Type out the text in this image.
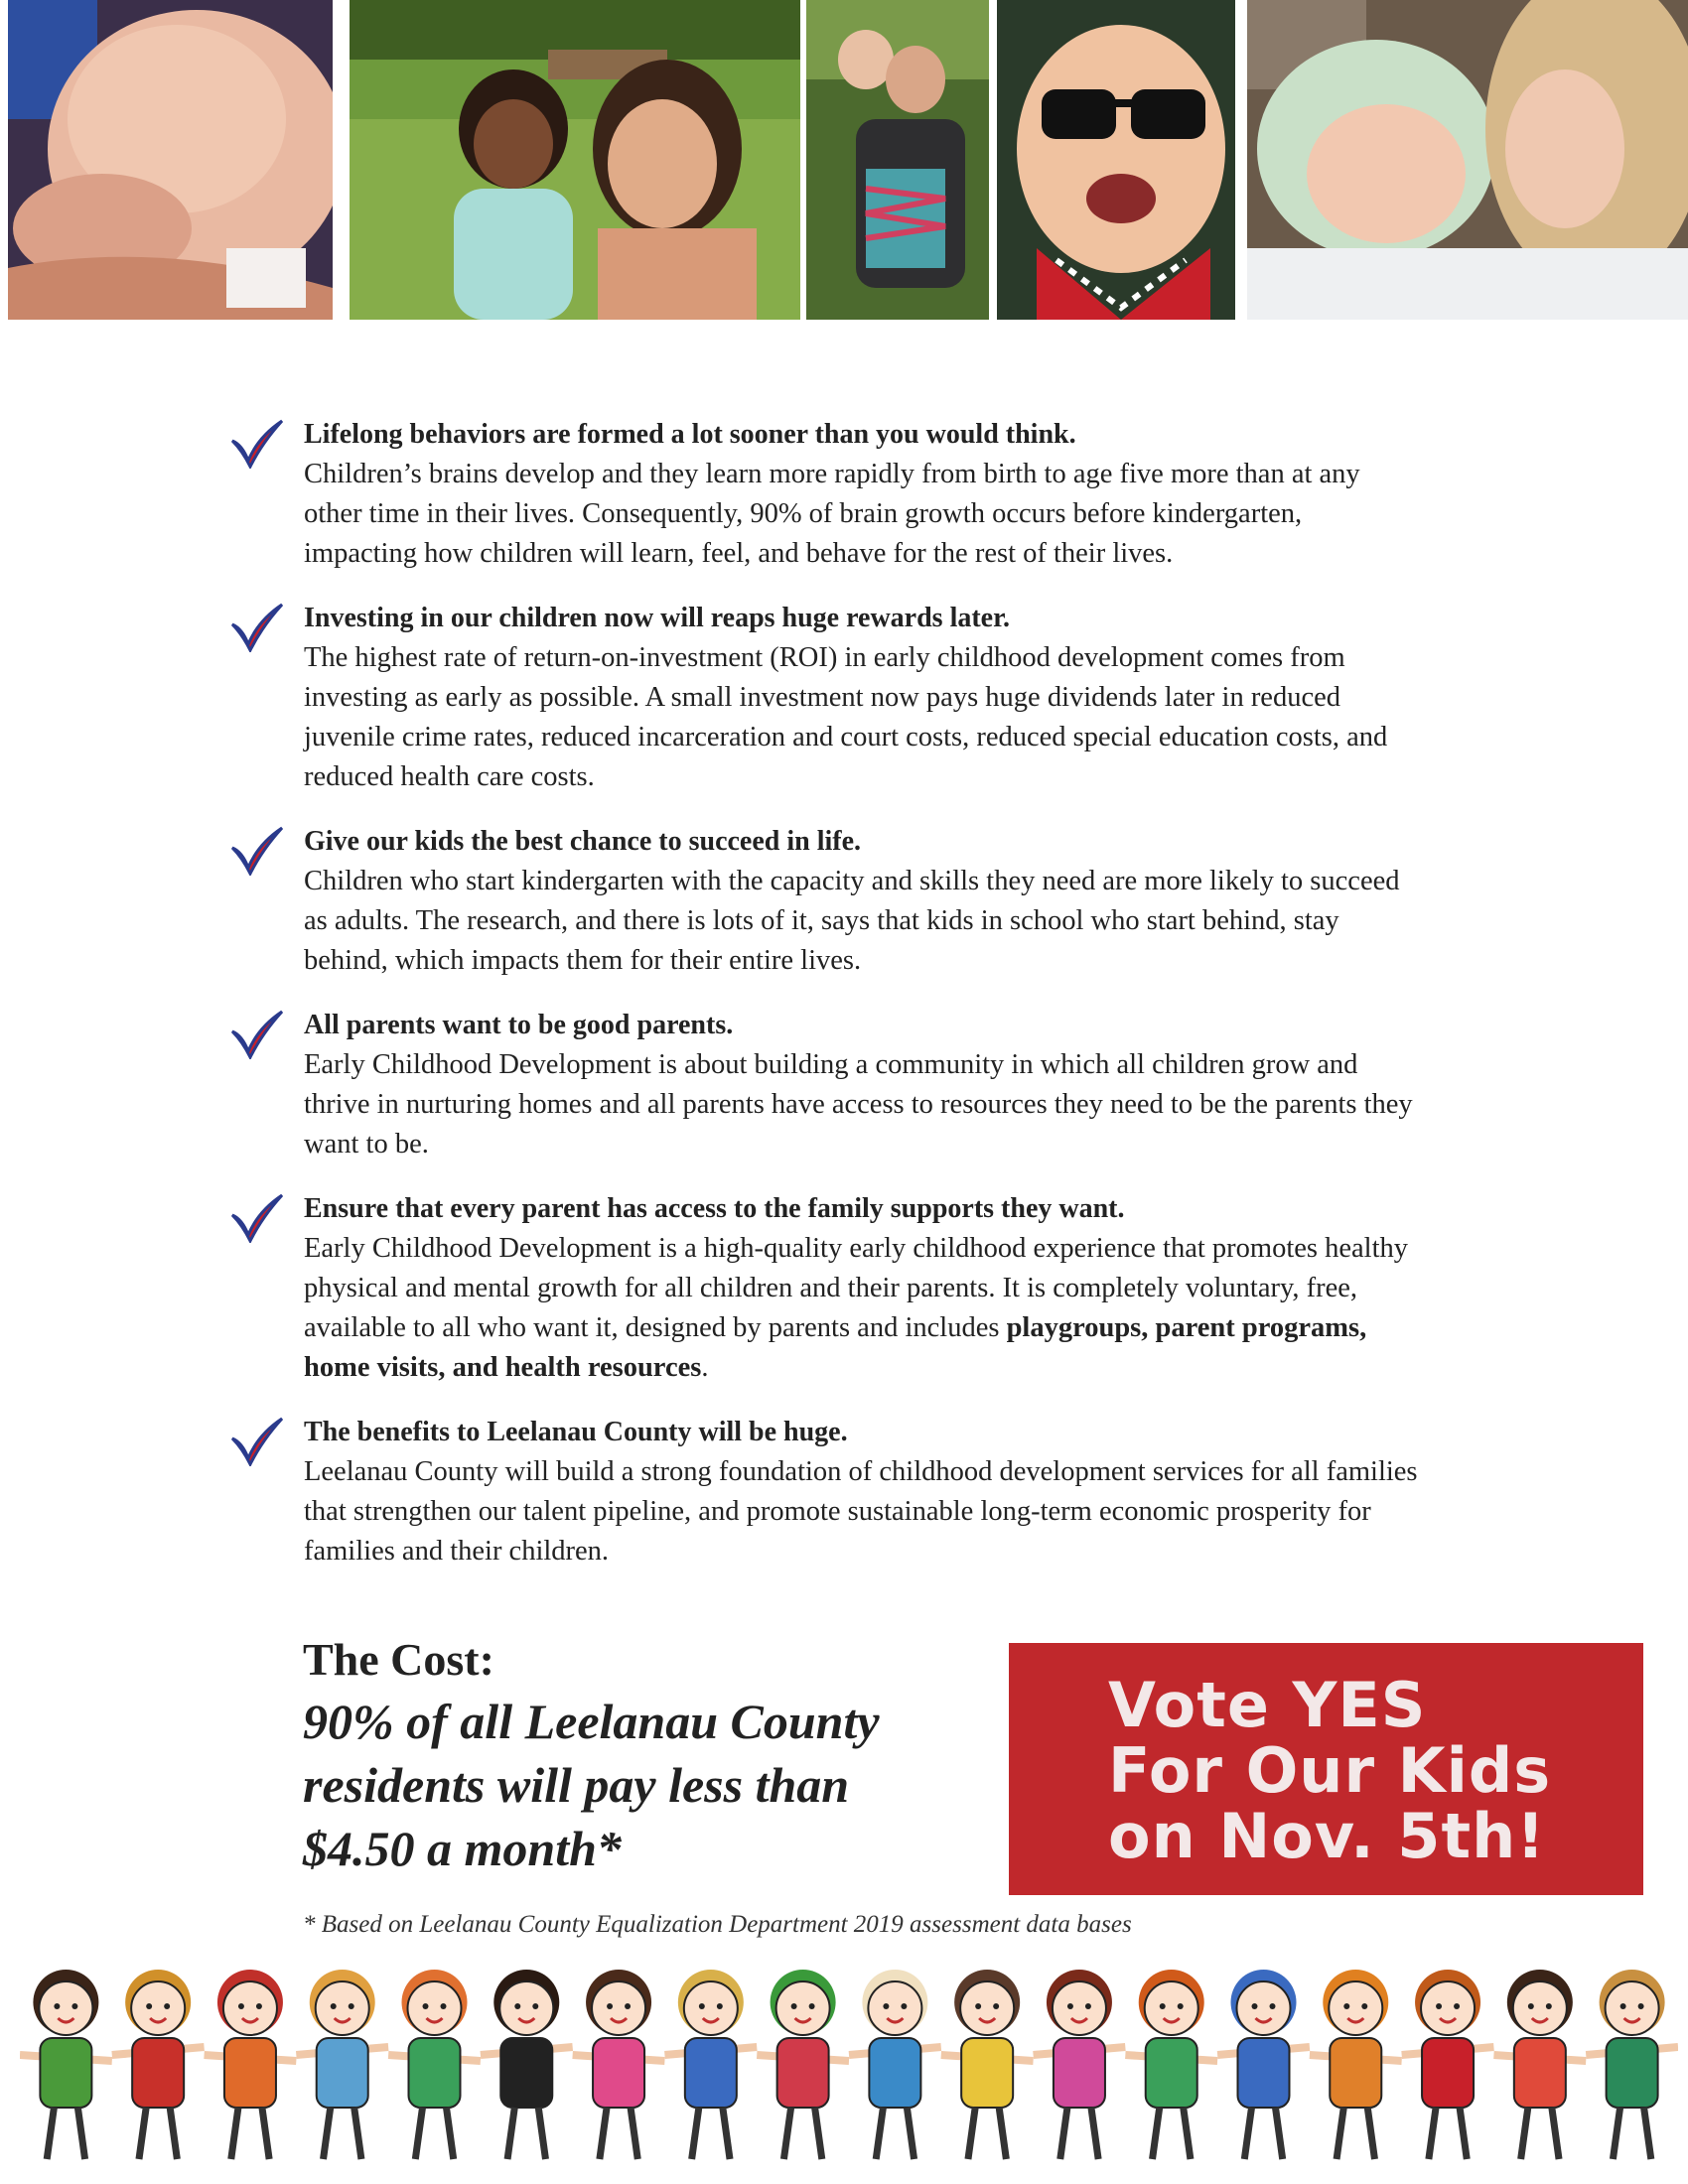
Lifelong behaviors are formed a lot sooner than you would think.
Children’s brains develop and they learn more rapidly from birth to age five more than at any other time in their lives. Consequently, 90% of brain growth occurs before kindergarten, impacting how children will learn, feel, and behave for the rest of their lives.
Investing in our children now will reaps huge rewards later.
The highest rate of return-on-investment (ROI) in early childhood development comes from investing as early as possible. A small investment now pays huge dividends later in reduced juvenile crime rates, reduced incarceration and court costs, reduced special education costs, and reduced health care costs.
Give our kids the best chance to succeed in life.
Children who start kindergarten with the capacity and skills they need are more likely to succeed as adults. The research, and there is lots of it, says that kids in school who start behind, stay behind, which impacts them for their entire lives.
All parents want to be good parents.
Early Childhood Development is about building a community in which all children grow and thrive in nurturing homes and all parents have access to resources they need to be the parents they want to be.
Ensure that every parent has access to the family supports they want.
Early Childhood Development is a high-quality early childhood experience that promotes healthy physical and mental growth for all children and their parents. It is completely voluntary, free, available to all who want it, designed by parents and includes playgroups, parent programs, home visits, and health resources.
The benefits to Leelanau County will be huge.
Leelanau County will build a strong foundation of childhood development services for all families that strengthen our talent pipeline, and promote sustainable long-term economic prosperity for families and their children.
The Cost:
90% of all Leelanau County
residents will pay less than
$4.50 a month*
Vote YES
For Our Kids
on Nov. 5th!
* Based on Leelanau County Equalization Department 2019 assessment data bases
